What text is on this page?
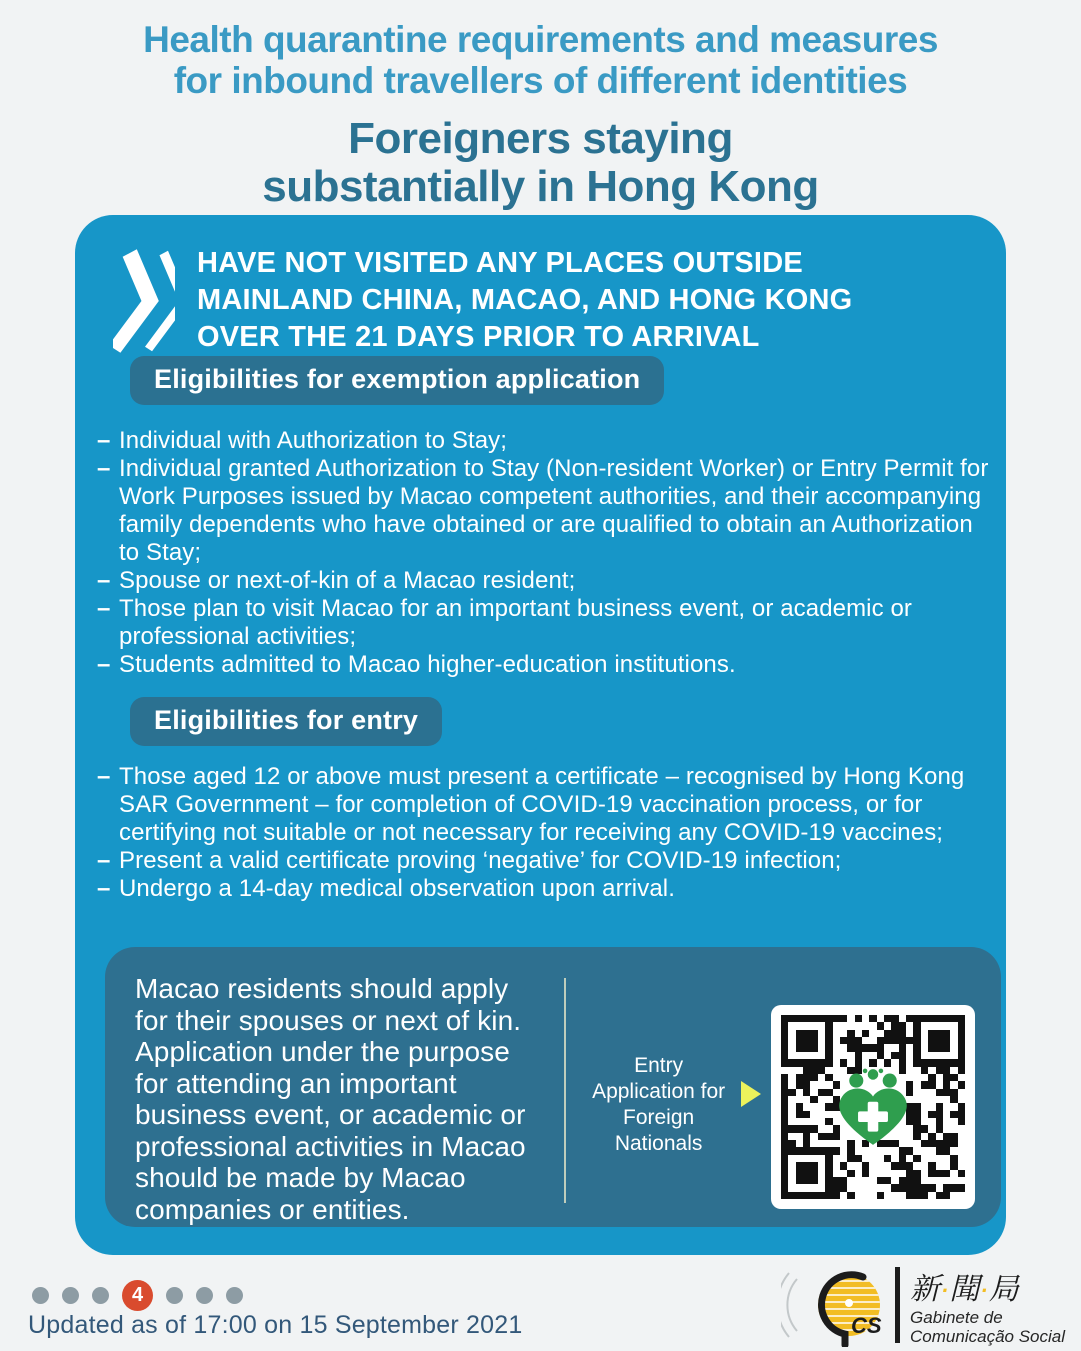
Health quarantine requirements and measures
for inbound travellers of different identities
Foreigners staying
substantially in Hong Kong
HAVE NOT VISITED ANY PLACES OUTSIDE MAINLAND CHINA, MACAO, AND HONG KONG OVER THE 21 DAYS PRIOR TO ARRIVAL
Eligibilities for exemption application
– Individual with Authorization to Stay;
– Individual granted Authorization to Stay (Non-resident Worker) or Entry Permit for Work Purposes issued by Macao competent authorities, and their accompanying family dependents who have obtained or are qualified to obtain an Authorization to Stay;
– Spouse or next-of-kin of a Macao resident;
– Those plan to visit Macao for an important business event, or academic or professional activities;
– Students admitted to Macao higher-education institutions.
Eligibilities for entry
– Those aged 12 or above must present a certificate – recognised by Hong Kong SAR Government – for completion of COVID-19 vaccination process, or for certifying not suitable or not necessary for receiving any COVID-19 vaccines;
– Present a valid certificate proving ‘negative’ for COVID-19 infection;
– Undergo a 14-day medical observation upon arrival.
Macao residents should apply for their spouses or next of kin. Application under the purpose for attending an important business event, or academic or professional activities in Macao should be made by Macao companies or entities.
Entry Application for Foreign Nationals
4
Updated as of 17:00 on 15 September 2021	CS
新·聞·局
Gabinete de
Comunicação Social
